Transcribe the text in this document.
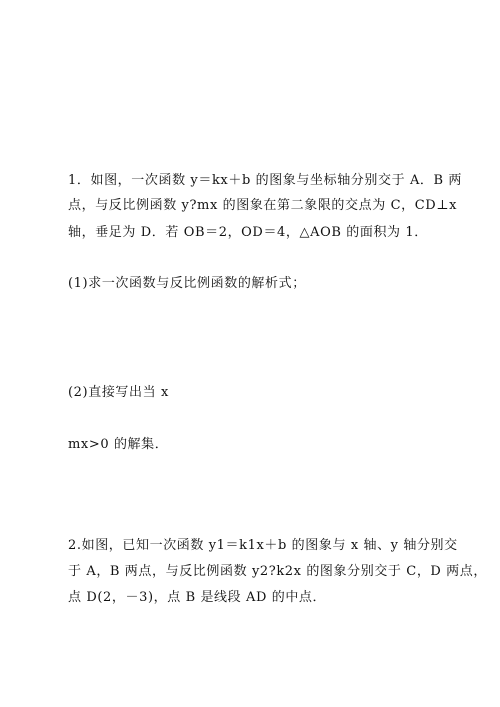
1．如图，一次函数 y＝kx＋b 的图象与坐标轴分别交于 A．B 两
点，与反比例函数 y?mx 的图象在第二象限的交点为 C，CD⊥x
轴，垂足为 D．若 OB＝2，OD＝4，△AOB 的面积为 1．
(1)求一次函数与反比例函数的解析式；
(2)直接写出当 x
mx>0 的解集．
2.如图，已知一次函数 y1＝k1x＋b 的图象与 x 轴、y 轴分别交
于 A，B 两点，与反比例函数 y2?k2x 的图象分别交于 C，D 两点，
点 D(2，－3)，点 B 是线段 AD 的中点．
